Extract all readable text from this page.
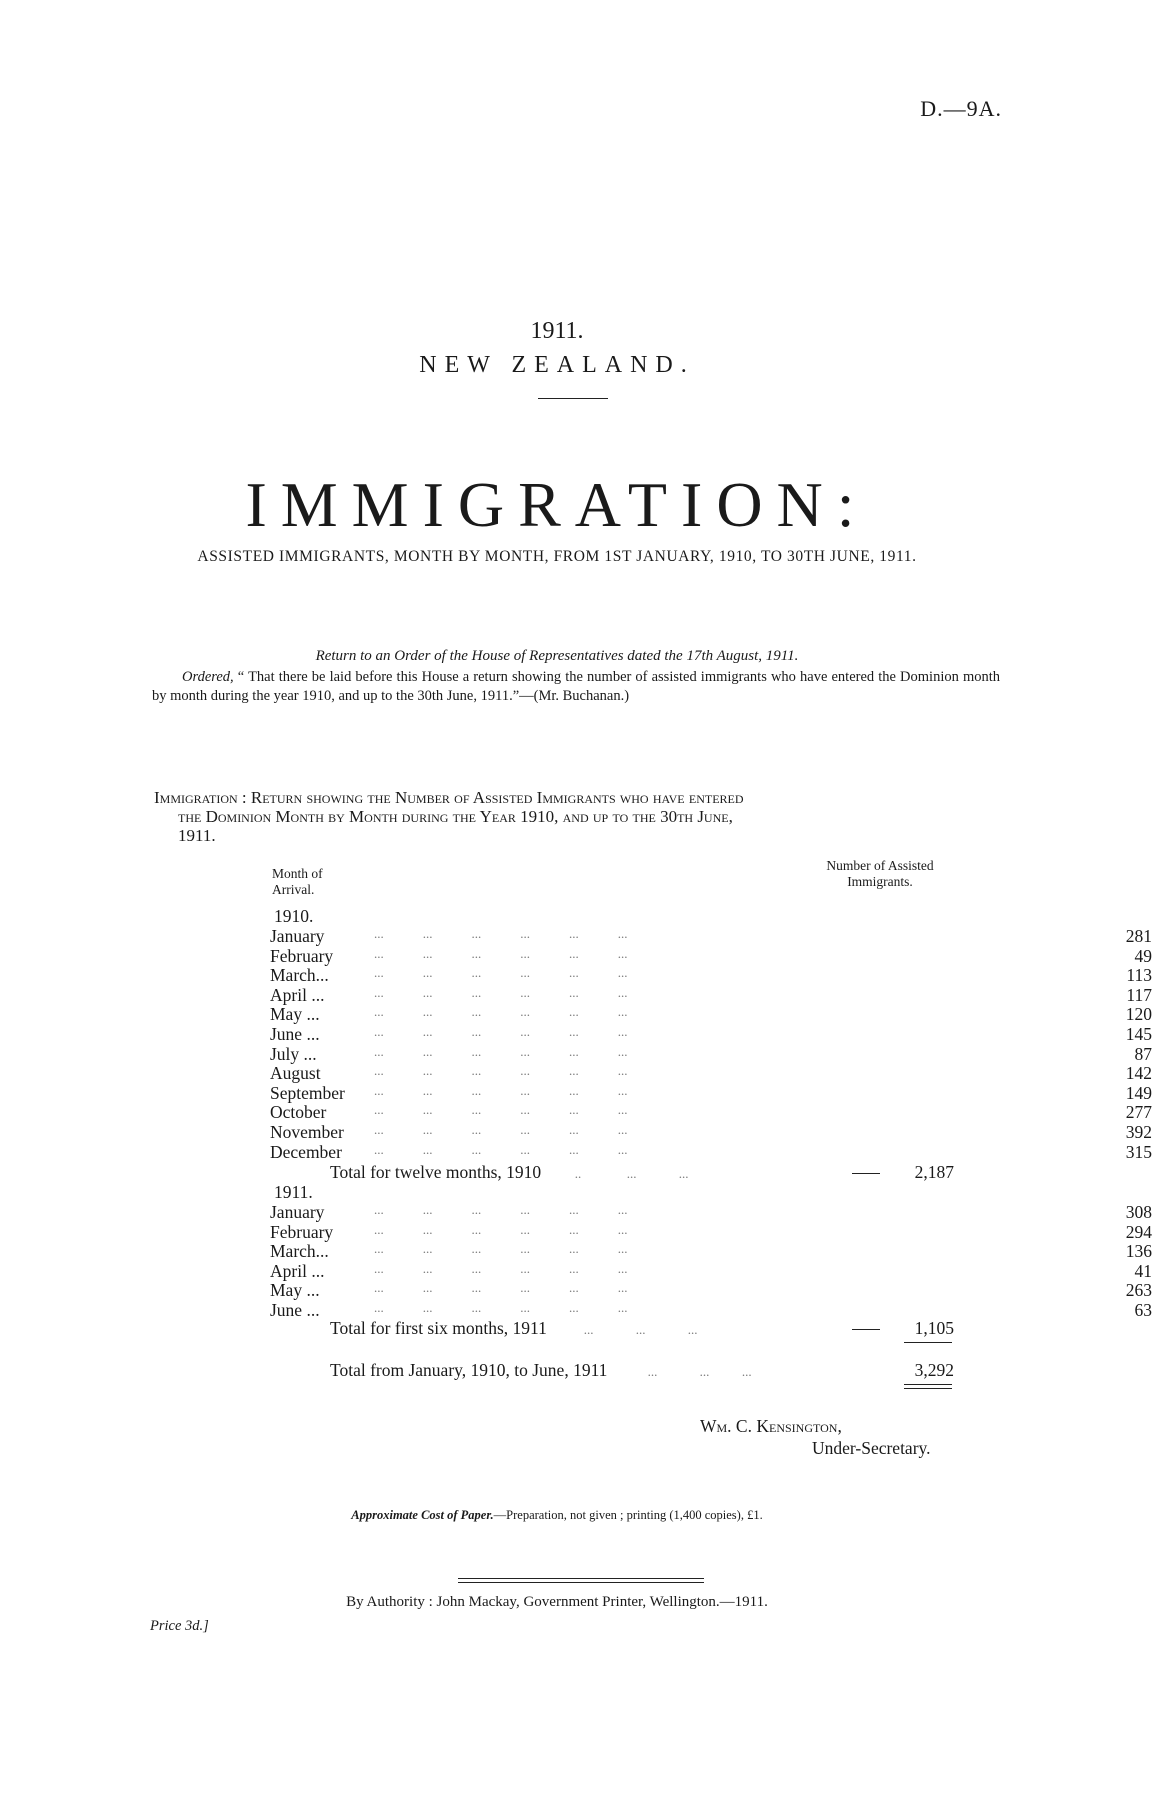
D.—9A.
1911.
NEW ZEALAND.
IMMIGRATION:
ASSISTED IMMIGRANTS, MONTH BY MONTH, FROM 1ST JANUARY, 1910, TO 30TH JUNE, 1911.
Return to an Order of the House of Representatives dated the 17th August, 1911.
Ordered, “ That there be laid before this House a return showing the number of assisted immigrants who have entered the Dominion month by month during the year 1910, and up to the 30th June, 1911.”—(Mr. Buchanan.)
Immigration : Return showing the Number of Assisted Immigrants who have entered
the Dominion Month by Month during the Year 1910, and up to the 30th June,
1911.
Month of Arrival.
Number of Assisted Immigrants.
1910.
January	...            ...            ...            ...            ...            ...	281
February	...            ...            ...            ...            ...            ...	49
March...	...            ...            ...            ...            ...            ...	113
April ...	...            ...            ...            ...            ...            ...	117
May ...	...            ...            ...            ...            ...            ...	120
June ...	...            ...            ...            ...            ...            ...	145
July ...	...            ...            ...            ...            ...            ...	87
August	...            ...            ...            ...            ...            ...	142
September ...            ...            ...            ...            ...            ...	149
October	...            ...            ...            ...            ...            ...	277
November ...            ...            ...            ...            ...            ...	392
December ...            ...            ...            ...            ...            ...	315
Total for twelve months, 1910          ..              ...             ...	2,187
1911.
January	...            ...            ...            ...            ...            ...	308
February	...            ...            ...            ...            ...            ...	294
March...	...            ...            ...            ...            ...            ...	136
April ...	...            ...            ...            ...            ...            ...	41
May ...	...            ...            ...            ...            ...            ...	263
June ...	...            ...            ...            ...            ...            ...	63
Total for first six months, 1911           ...             ...             ...	1,105
Total from January, 1910, to June, 1911            ...             ...          ...	3,292
Wm. C. Kensington,
Under-Secretary.
Approximate Cost of Paper.—Preparation, not given ; printing (1,400 copies), £1.
By Authority : John Mackay, Government Printer, Wellington.—1911.
Price 3d.]
